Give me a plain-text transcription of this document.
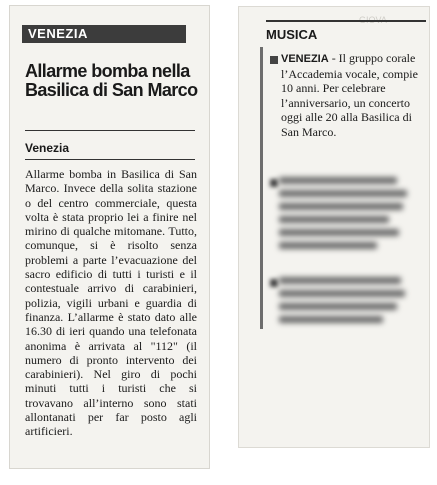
VENEZIA
Allarme bomba nella Basilica di San Marco
Venezia

Allarme bomba in Basilica di San Marco. Invece della solita stazione o del centro commerciale, questa volta è stata proprio lei a finire nel mirino di qualche mitomane. Tutto, comunque, si è risolto senza problemi a parte l’evacuazione del sacro edificio di tutti i turisti e il contestuale arrivo di carabinieri, polizia, vigili urbani e guardia di finanza. L’allarme è stato dato alle 16.30 di ieri quando una telefonata anonima è arrivata al "112" (il numero di pronto intervento dei carabinieri). Nel giro di pochi minuti tutti i turisti che si trovavano all’interno sono stati allontanati per far posto agli artificieri.

GIOVA
MUSICA

VENEZIA - Il gruppo corale l’Accademia vocale, compie 10 anni. Per celebrare l’anniversario, un concerto oggi alle 20 alla Basilica di San Marco.
